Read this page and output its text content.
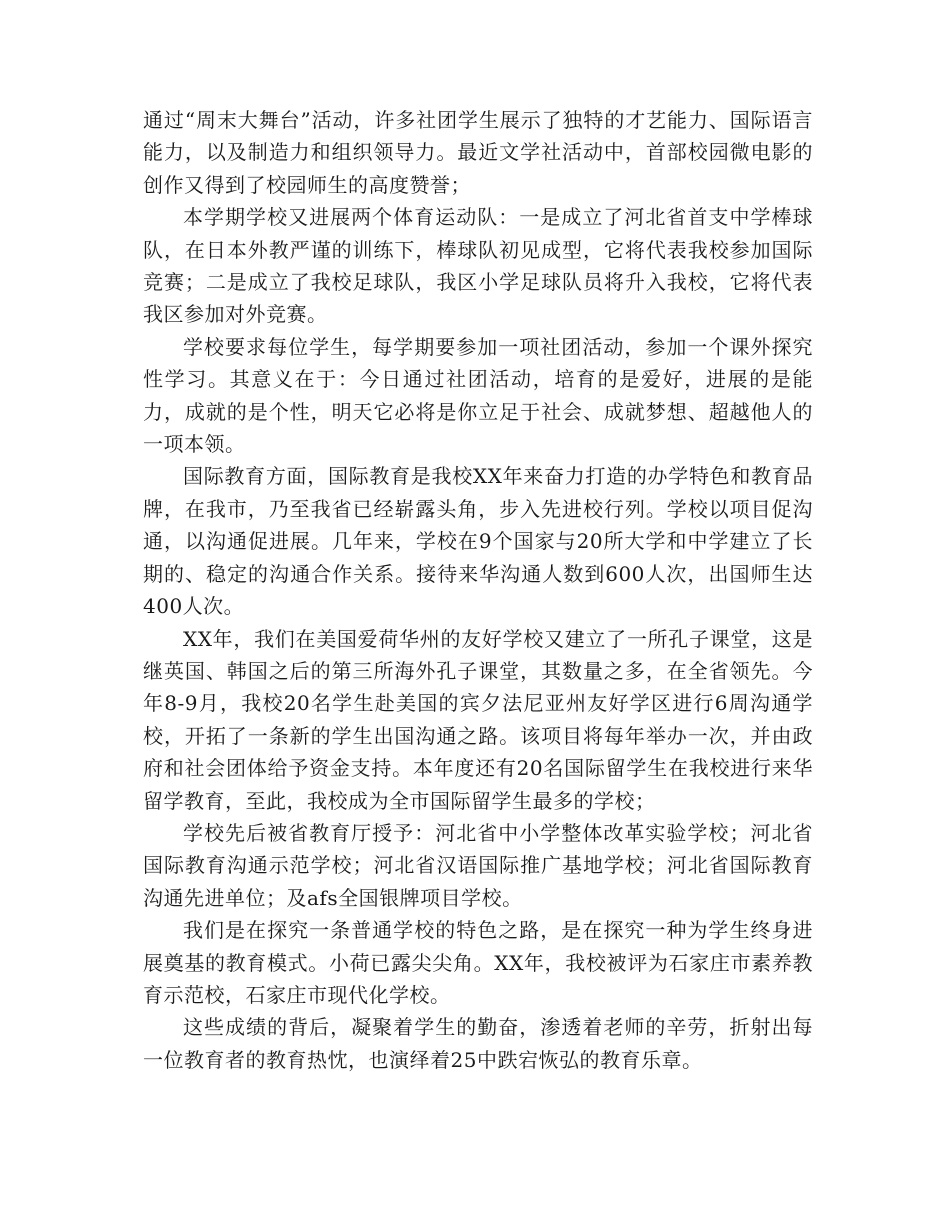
通过“周末大舞台”活动，许多社团学生展示了独特的才艺能力、国际语言能力，以及制造力和组织领导力。最近文学社活动中，首部校园微电影的创作又得到了校园师生的高度赞誉；

本学期学校又进展两个体育运动队：一是成立了河北省首支中学棒球队，在日本外教严谨的训练下，棒球队初见成型，它将代表我校参加国际竞赛；二是成立了我校足球队，我区小学足球队员将升入我校，它将代表我区参加对外竞赛。

学校要求每位学生，每学期要参加一项社团活动，参加一个课外探究性学习。其意义在于：今日通过社团活动，培育的是爱好，进展的是能力，成就的是个性，明天它必将是你立足于社会、成就梦想、超越他人的一项本领。

国际教育方面，国际教育是我校XX年来奋力打造的办学特色和教育品牌，在我市，乃至我省已经崭露头角，步入先进校行列。学校以项目促沟通，以沟通促进展。几年来，学校在9个国家与20所大学和中学建立了长期的、稳定的沟通合作关系。接待来华沟通人数到600人次，出国师生达400人次。

XX年，我们在美国爱荷华州的友好学校又建立了一所孔子课堂，这是继英国、韩国之后的第三所海外孔子课堂，其数量之多，在全省领先。今年8-9月，我校20名学生赴美国的宾夕法尼亚州友好学区进行6周沟通学校，开拓了一条新的学生出国沟通之路。该项目将每年举办一次，并由政府和社会团体给予资金支持。本年度还有20名国际留学生在我校进行来华留学教育，至此，我校成为全市国际留学生最多的学校；

学校先后被省教育厅授予：河北省中小学整体改革实验学校；河北省国际教育沟通示范学校；河北省汉语国际推广基地学校；河北省国际教育沟通先进单位；及afs全国银牌项目学校。

我们是在探究一条普通学校的特色之路，是在探究一种为学生终身进展奠基的教育模式。小荷已露尖尖角。XX年，我校被评为石家庄市素养教育示范校，石家庄市现代化学校。

这些成绩的背后，凝聚着学生的勤奋，渗透着老师的辛劳，折射出每一位教育者的教育热忱，也演绎着25中跌宕恢弘的教育乐章。
